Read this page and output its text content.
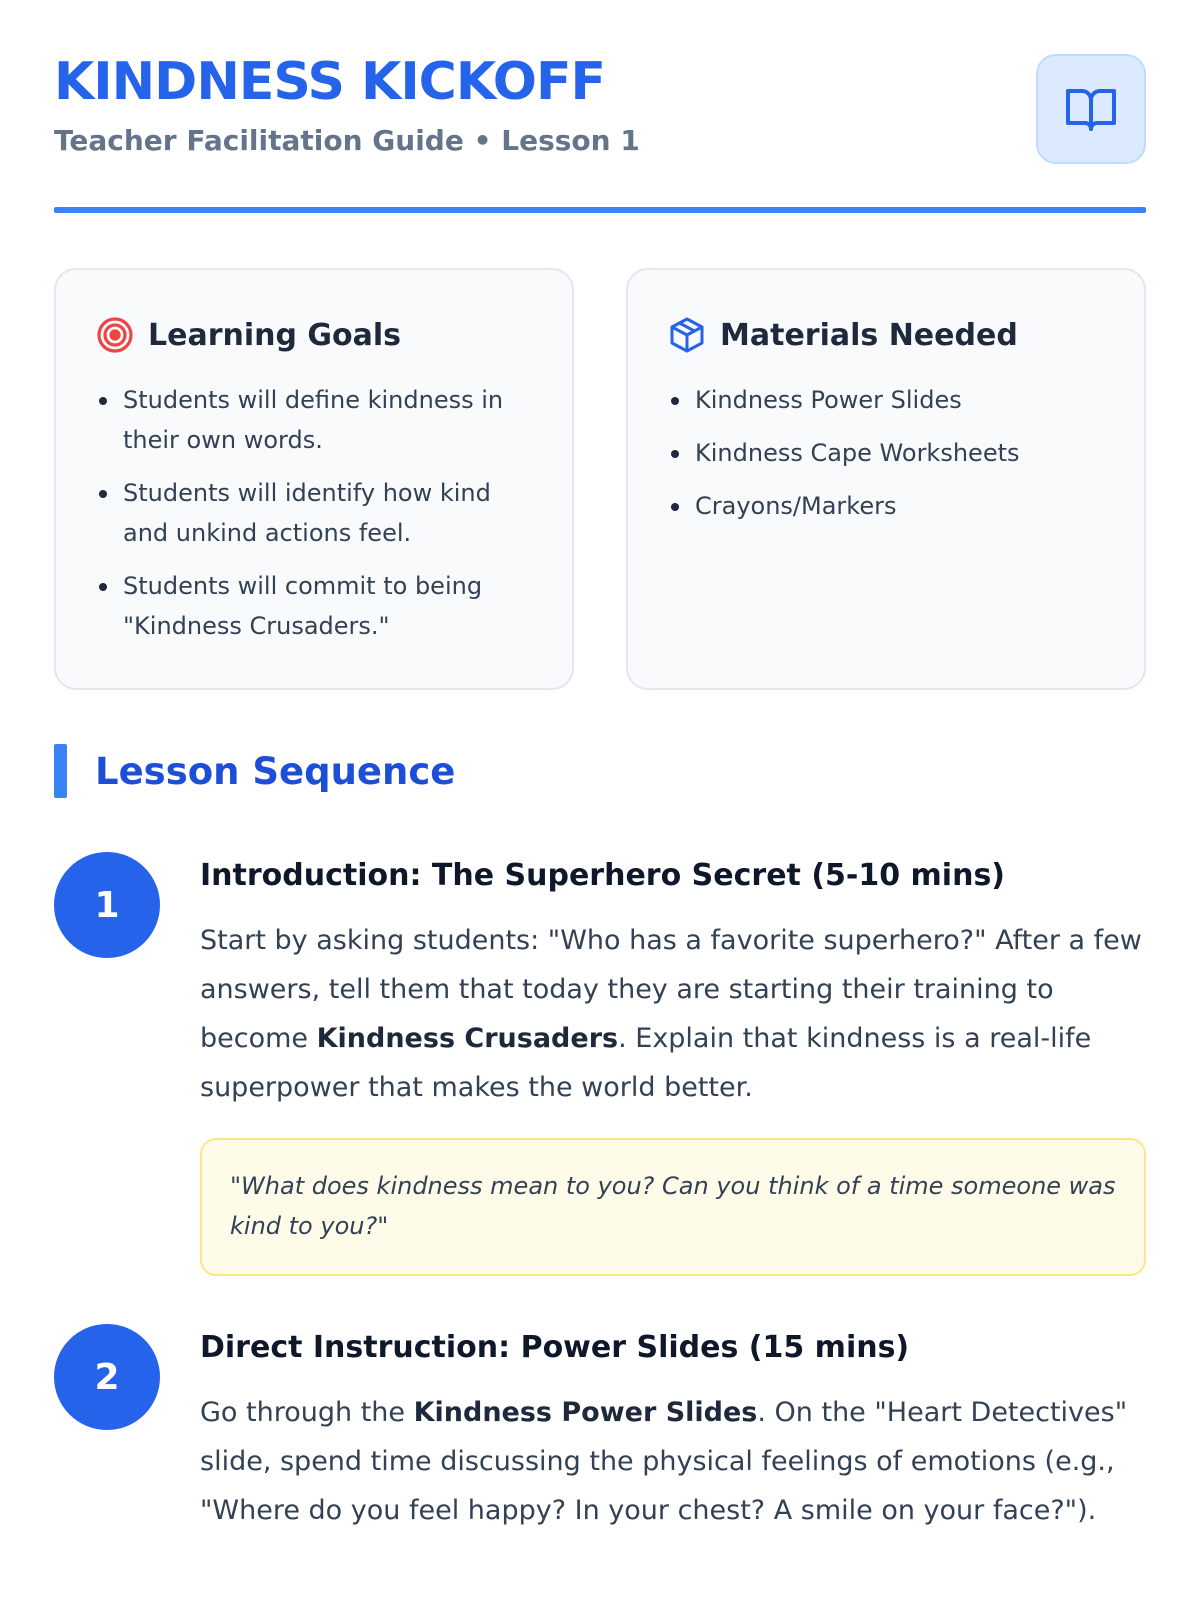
KINDNESS KICKOFF
Teacher Facilitation Guide • Lesson 1
Learning Goals
Students will define kindness in their own words.
Students will identify how kind and unkind actions feel.
Students will commit to being "Kindness Crusaders."
Materials Needed
Kindness Power Slides
Kindness Cape Worksheets
Crayons/Markers
Lesson Sequence
1
Introduction: The Superhero Secret (5-10 mins)
Start by asking students: "Who has a favorite superhero?" After a few answers, tell them that today they are starting their training to become Kindness Crusaders. Explain that kindness is a real-life superpower that makes the world better.
"What does kindness mean to you? Can you think of a time someone was kind to you?"
2
Direct Instruction: Power Slides (15 mins)
Go through the Kindness Power Slides. On the "Heart Detectives" slide, spend time discussing the physical feelings of emotions (e.g., "Where do you feel happy? In your chest? A smile on your face?").
